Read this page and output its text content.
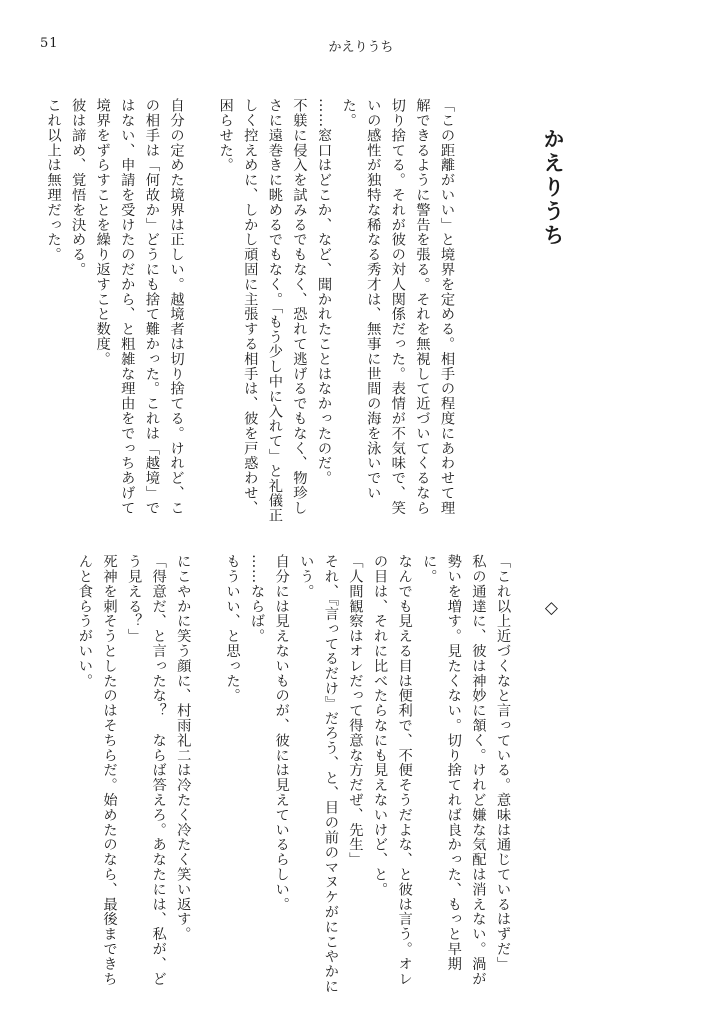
51	かえりうち
かえりうち

「この距離がいい」と境界を定める。相手の程度にあわせて理解できるように警告を張る。それを無視して近づいてくるなら切り捨てる。それが彼の対人関係だった。表情が不気味で、笑いの感性が独特な稀なる秀才は、無事に世間の海を泳いでいた。

……窓口はどこか、など、聞かれたことはなかったのだ。

不躾に侵入を試みるでもなく、恐れて逃げるでもなく、物珍しさに遠巻きに眺めるでもなく。「もう少し中に入れて」と礼儀正しく控えめに、しかし頑固に主張する相手は、彼を戸惑わせ、困らせた。

自分の定めた境界は正しい。越境者は切り捨てる。けれど、この相手は「何故か」どうにも捨て難かった。これは「越境」ではない、申請を受けたのだから、と粗雑な理由をでっちあげて境界をずらすことを繰り返すこと数度。

彼は諦め、覚悟を決める。

これ以上は無理だった。

◇

「これ以上近づくなと言っている。意味は通じているはずだ」

私の通達に、彼は神妙に頷く。けれど嫌な気配は消えない。渦が勢いを増す。見たくない。切り捨てれば良かった、もっと早期に。

なんでも見える目は便利で、不便そうだよな、と彼は言う。オレの目は、それに比べたらなにも見えないけど、と。

「人間観察はオレだって得意な方だぜ、先生」

それ、『言ってるだけ』だろう、と、目の前のマヌケがにこやかにいう。

自分には見えないものが、彼には見えているらしい。

……ならば。

もういい、と思った。

にこやかに笑う顔に、村雨礼二は冷たく冷たく笑い返す。

「得意だ、と言ったな？　ならば答えろ。あなたには、私が、どう見える？」

死神を刺そうとしたのはそちらだ。始めたのなら、最後まできちんと食らうがいい。
